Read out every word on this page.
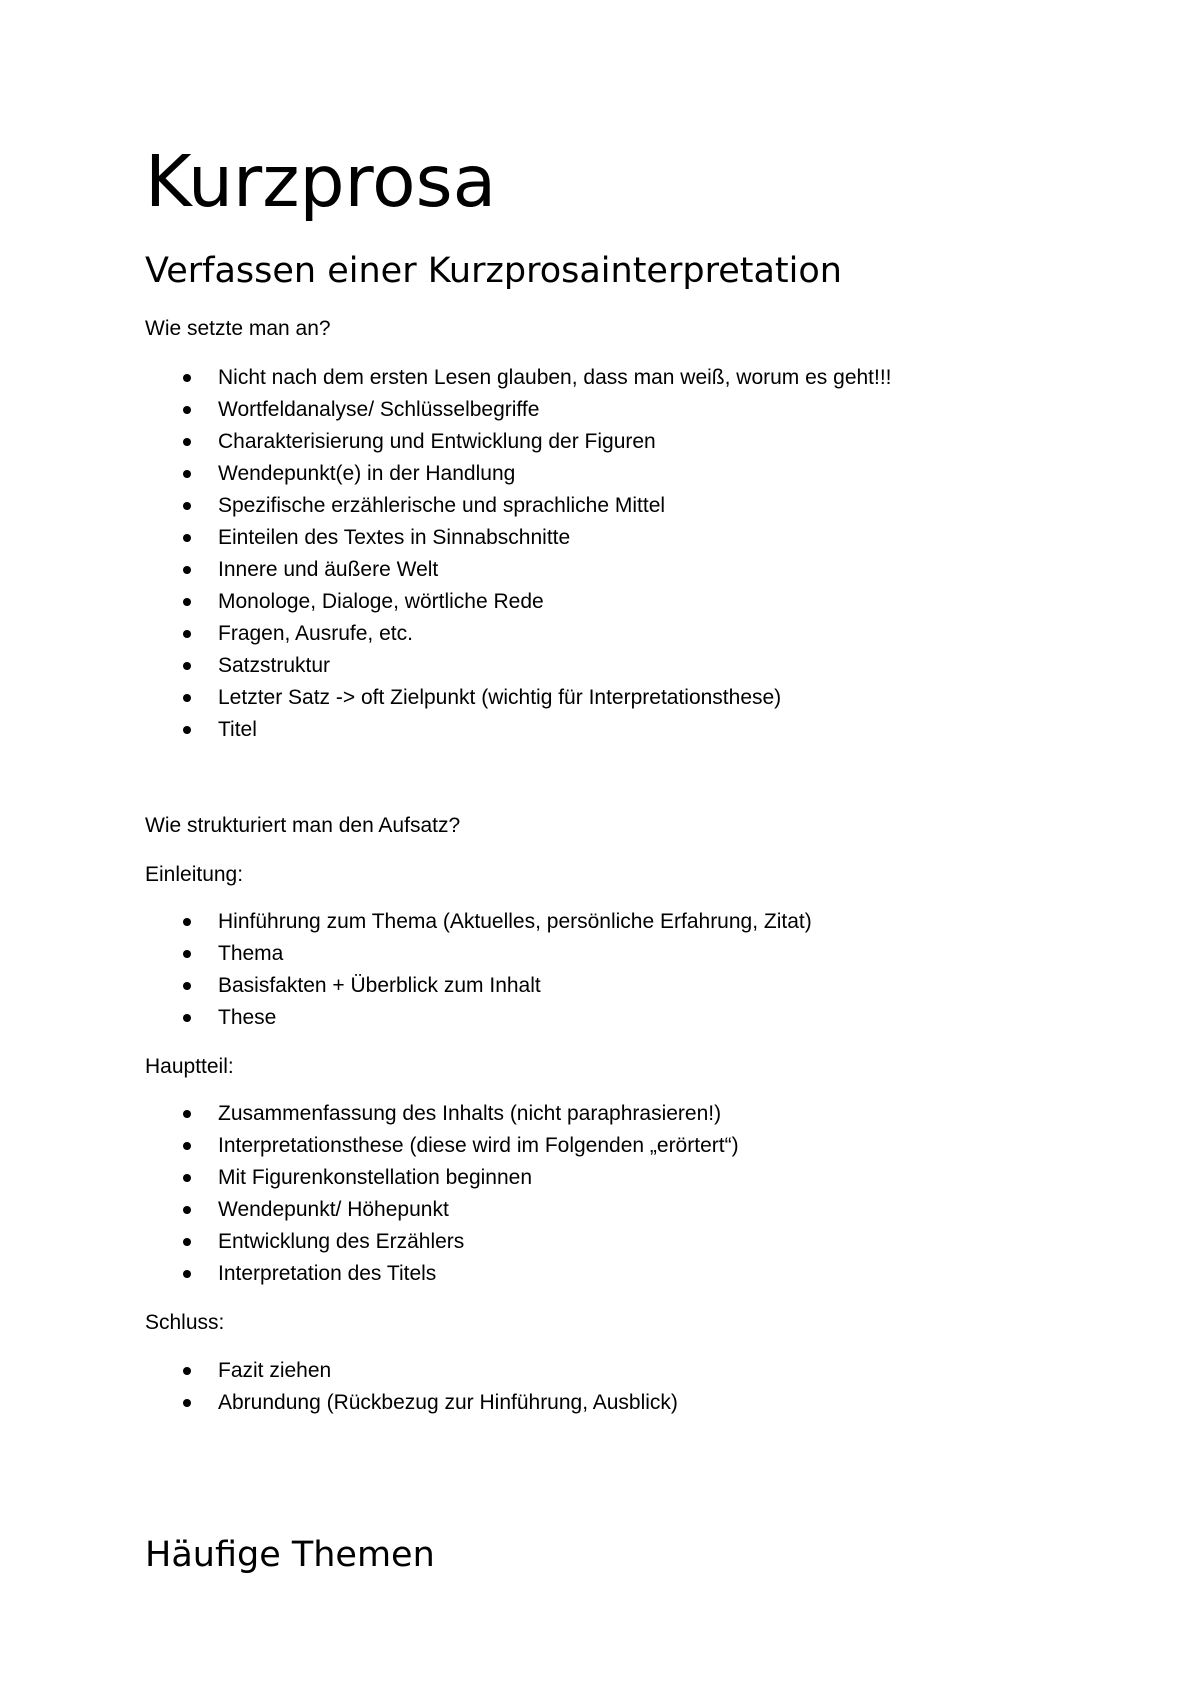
Kurzprosa
Verfassen einer Kurzprosainterpretation

Wie setzte man an?

Nicht nach dem ersten Lesen glauben, dass man weiß, worum es geht!!!
Wortfeldanalyse/ Schlüsselbegriffe
Charakterisierung und Entwicklung der Figuren
Wendepunkt(e) in der Handlung
Spezifische erzählerische und sprachliche Mittel
Einteilen des Textes in Sinnabschnitte
Innere und äußere Welt
Monologe, Dialoge, wörtliche Rede
Fragen, Ausrufe, etc.
Satzstruktur
Letzter Satz -> oft Zielpunkt (wichtig für Interpretationsthese)
Titel

Wie strukturiert man den Aufsatz?

Einleitung:

Hinführung zum Thema (Aktuelles, persönliche Erfahrung, Zitat)
Thema
Basisfakten + Überblick zum Inhalt
These

Hauptteil:

Zusammenfassung des Inhalts (nicht paraphrasieren!)
Interpretationsthese (diese wird im Folgenden „erörtert“)
Mit Figurenkonstellation beginnen
Wendepunkt/ Höhepunkt
Entwicklung des Erzählers
Interpretation des Titels

Schluss:

Fazit ziehen
Abrundung (Rückbezug zur Hinführung, Ausblick)
Häufige Themen
